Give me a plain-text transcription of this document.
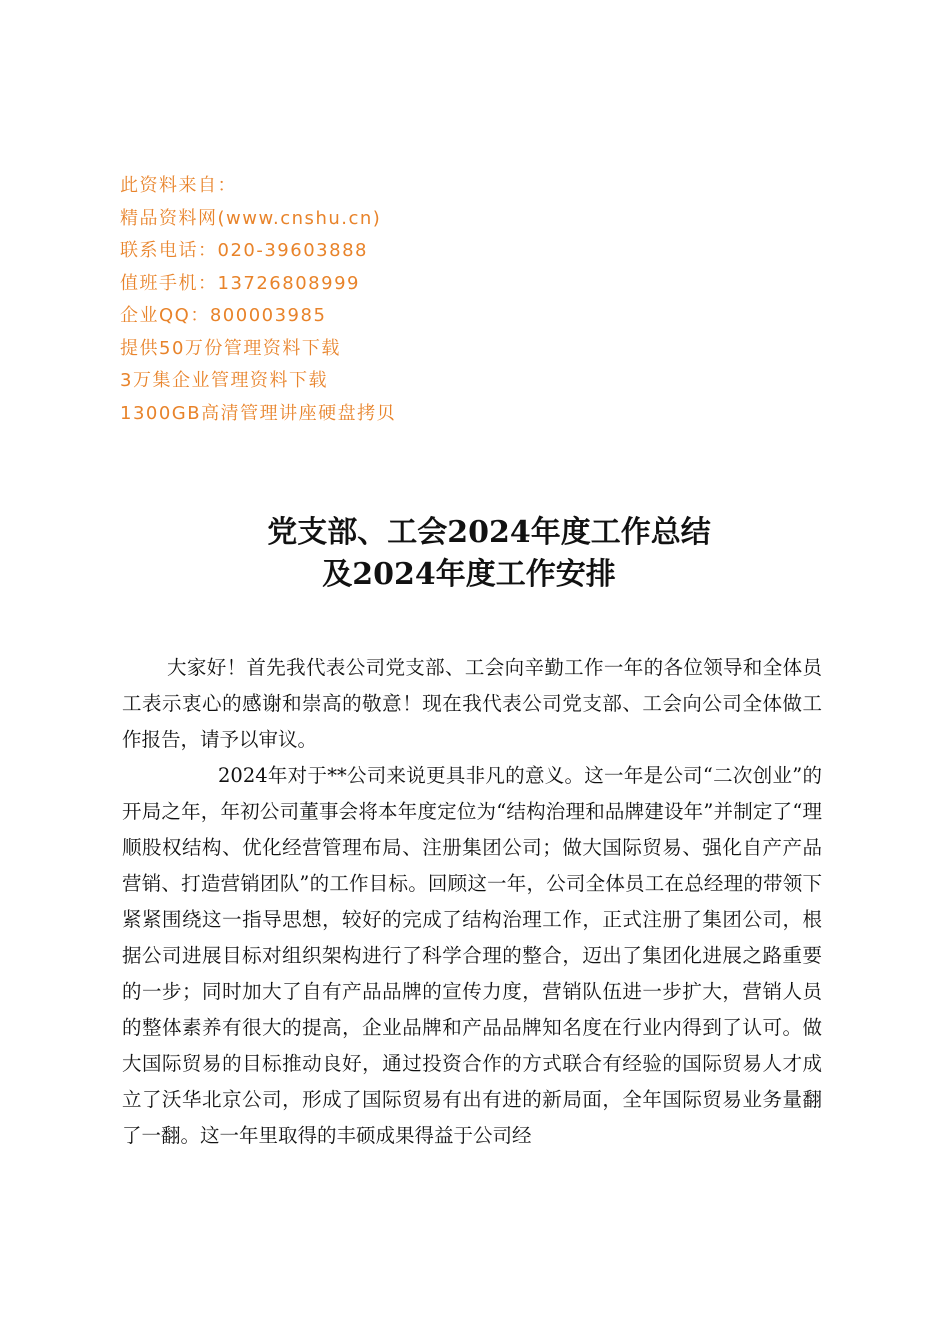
此资料来自：
精品资料网(www.cnshu.cn)
联系电话：020-39603888
值班手机：13726808999
企业QQ：800003985
提供50万份管理资料下载
3万集企业管理资料下载
1300GB高清管理讲座硬盘拷贝
党支部、工会2024年度工作总结
及2024年度工作安排

大家好！首先我代表公司党支部、工会向辛勤工作一年的各位领导和全体员工表示衷心的感谢和崇高的敬意！现在我代表公司党支部、工会向公司全体做工作报告，请予以审议。

2024年对于**公司来说更具非凡的意义。这一年是公司“二次创业”的开局之年，年初公司董事会将本年度定位为“结构治理和品牌建设年”并制定了“理顺股权结构、优化经营管理布局、注册集团公司；做大国际贸易、强化自产产品营销、打造营销团队”的工作目标。回顾这一年，公司全体员工在总经理的带领下紧紧围绕这一指导思想，较好的完成了结构治理工作，正式注册了集团公司，根据公司进展目标对组织架构进行了科学合理的整合，迈出了集团化进展之路重要的一步；同时加大了自有产品品牌的宣传力度，营销队伍进一步扩大，营销人员的整体素养有很大的提高，企业品牌和产品品牌知名度在行业内得到了认可。做大国际贸易的目标推动良好，通过投资合作的方式联合有经验的国际贸易人才成立了沃华北京公司，形成了国际贸易有出有进的新局面，全年国际贸易业务量翻了一翻。这一年里取得的丰硕成果得益于公司经
